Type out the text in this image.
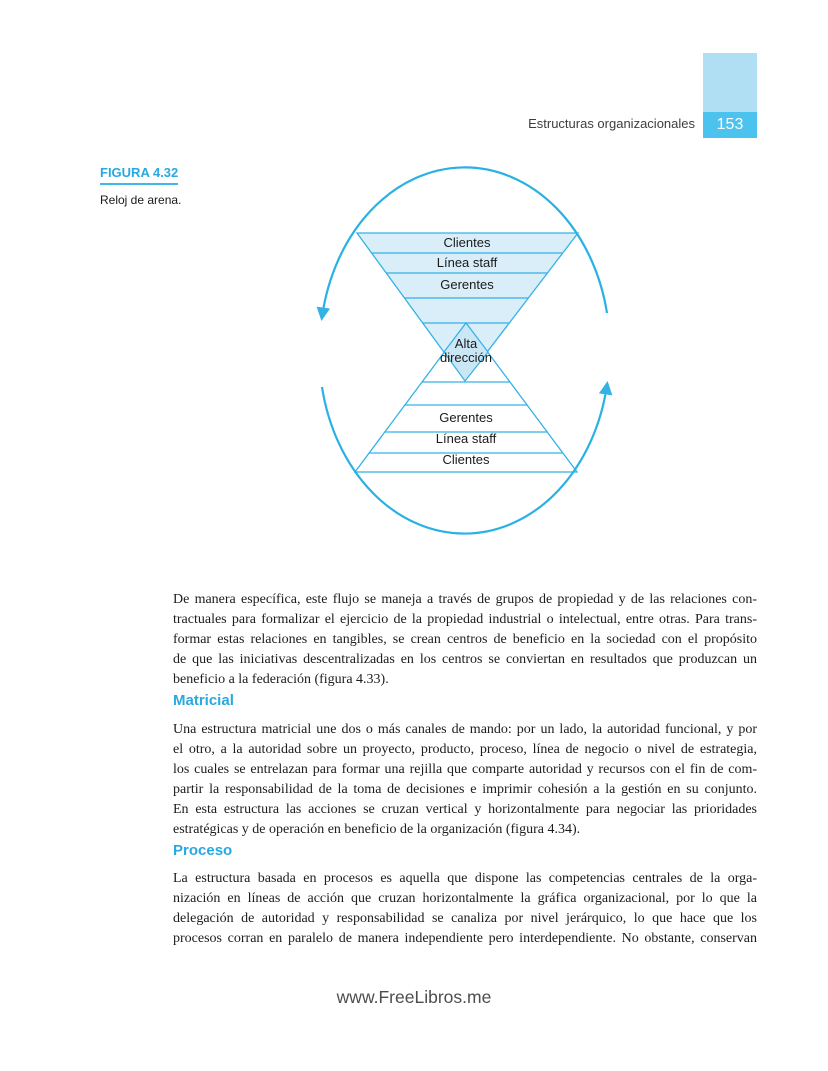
Estructuras organizacionales	153
FIGURA 4.32
Reloj de arena.
Clientes
Línea staff
Gerentes
Alta
dirección
Gerentes
Línea staff
Clientes
De manera específica, este flujo se maneja a través de grupos de propiedad y de las relaciones con-
tractuales para formalizar el ejercicio de la propiedad industrial o intelectual, entre otras. Para trans-
formar estas relaciones en tangibles, se crean centros de beneficio en la sociedad con el propósito
de que las iniciativas descentralizadas en los centros se conviertan en resultados que produzcan un
beneficio a la federación (figura 4.33).
Matricial
Una estructura matricial une dos o más canales de mando: por un lado, la autoridad funcional, y por
el otro, a la autoridad sobre un proyecto, producto, proceso, línea de negocio o nivel de estrategia,
los cuales se entrelazan para formar una rejilla que comparte autoridad y recursos con el fin de com-
partir la responsabilidad de la toma de decisiones e imprimir cohesión a la gestión en su conjunto.
En esta estructura las acciones se cruzan vertical y horizontalmente para negociar las prioridades
estratégicas y de operación en beneficio de la organización (figura 4.34).
Proceso
La estructura basada en procesos es aquella que dispone las competencias centrales de la orga-
nización en líneas de acción que cruzan horizontalmente la gráfica organizacional, por lo que la
delegación de autoridad y responsabilidad se canaliza por nivel jerárquico, lo que hace que los
procesos corran en paralelo de manera independiente pero interdependiente. No obstante, conservan
www.FreeLibros.me
